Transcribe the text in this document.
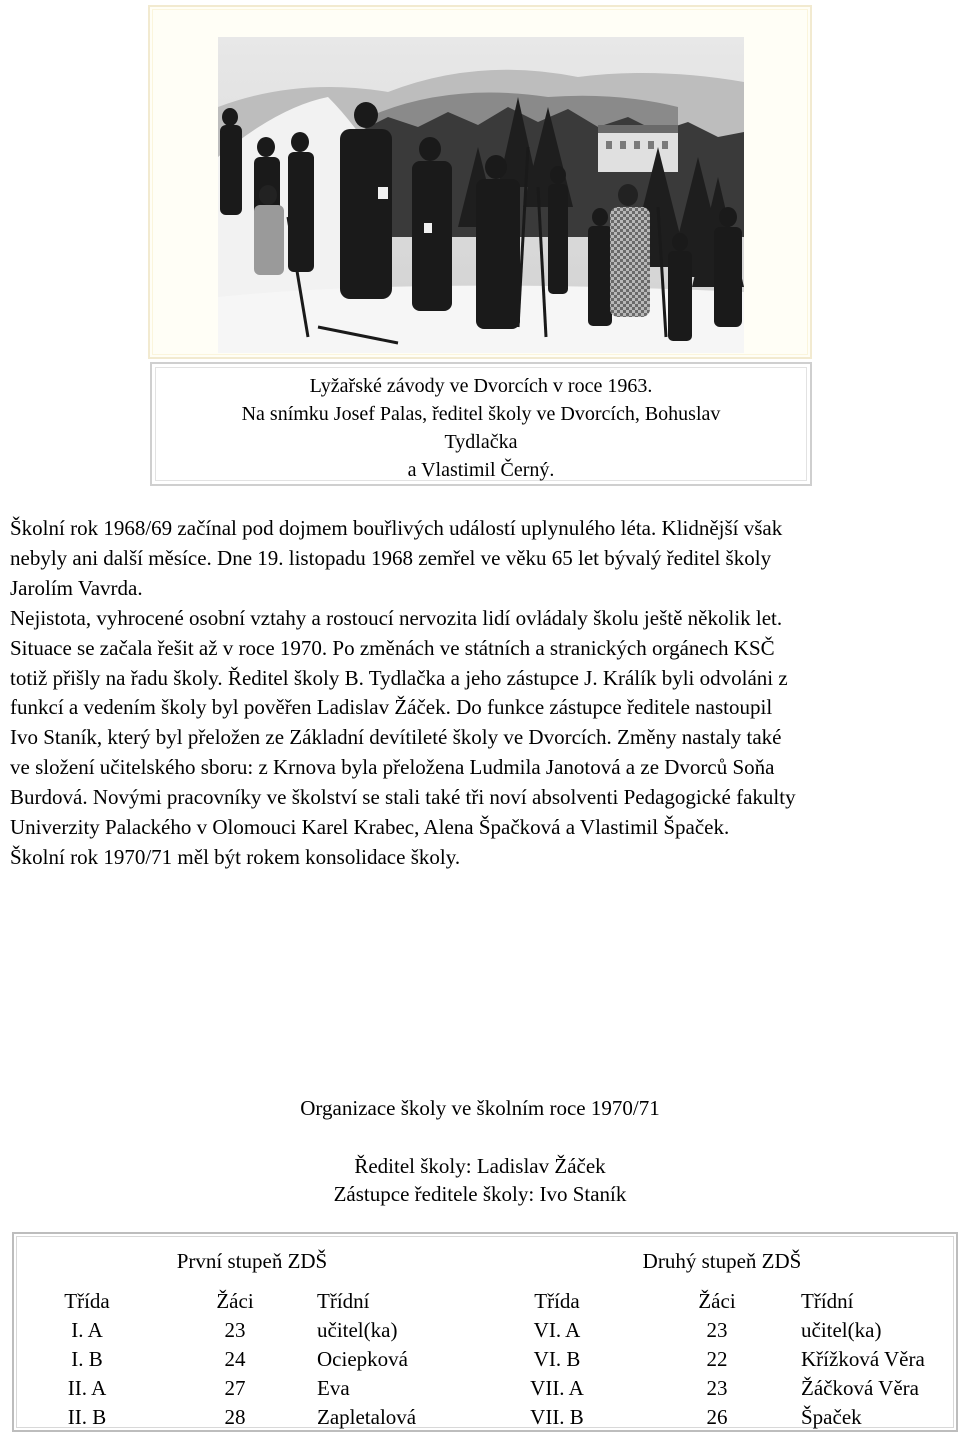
Lyžařské závody ve Dvorcích v roce 1963.
Na snímku Josef Palas, ředitel školy ve Dvorcích, Bohuslav
Tydlačka
a Vlastimil Černý.
Školní rok 1968/69 začínal pod dojmem bouřlivých událostí uplynulého léta. Klidnější však
nebyly ani další měsíce. Dne 19. listopadu 1968 zemřel ve věku 65 let bývalý ředitel školy
Jarolím Vavrda.
Nejistota, vyhrocené osobní vztahy a rostoucí nervozita lidí ovládaly školu ještě několik let.
Situace se začala řešit až v roce 1970. Po změnách ve státních a stranických orgánech KSČ
totiž přišly na řadu školy. Ředitel školy B. Tydlačka a jeho zástupce J. Králík byli odvoláni z
funkcí a vedením školy byl pověřen Ladislav Žáček. Do funkce zástupce ředitele nastoupil
Ivo Staník, který byl přeložen ze Základní devítileté školy ve Dvorcích. Změny nastaly také
ve složení učitelského sboru: z Krnova byla přeložena Ludmila Janotová a ze Dvorců Soňa
Burdová. Novými pracovníky ve školství se stali také tři noví absolventi Pedagogické fakulty
Univerzity Palackého v Olomouci Karel Krabec, Alena Špačková a Vlastimil Špaček.
Školní rok 1970/71 měl být rokem konsolidace školy.
Organizace školy ve školním roce 1970/71
Ředitel školy: Ladislav Žáček
Zástupce ředitele školy: Ivo Staník
První stupeň ZDŠ	Druhý stupeň ZDŠ
Třída
I. A
I. B
II. A
II. B
Žáci
23
24
27
28
Třídní
učitel(ka)
Ociepková
Eva
Zapletalová
Třída
VI. A
VI. B
VII. A
VII. B
Žáci
23
22
23
26
Třídní
učitel(ka)
Křížková Věra
Žáčková Věra
Špaček
